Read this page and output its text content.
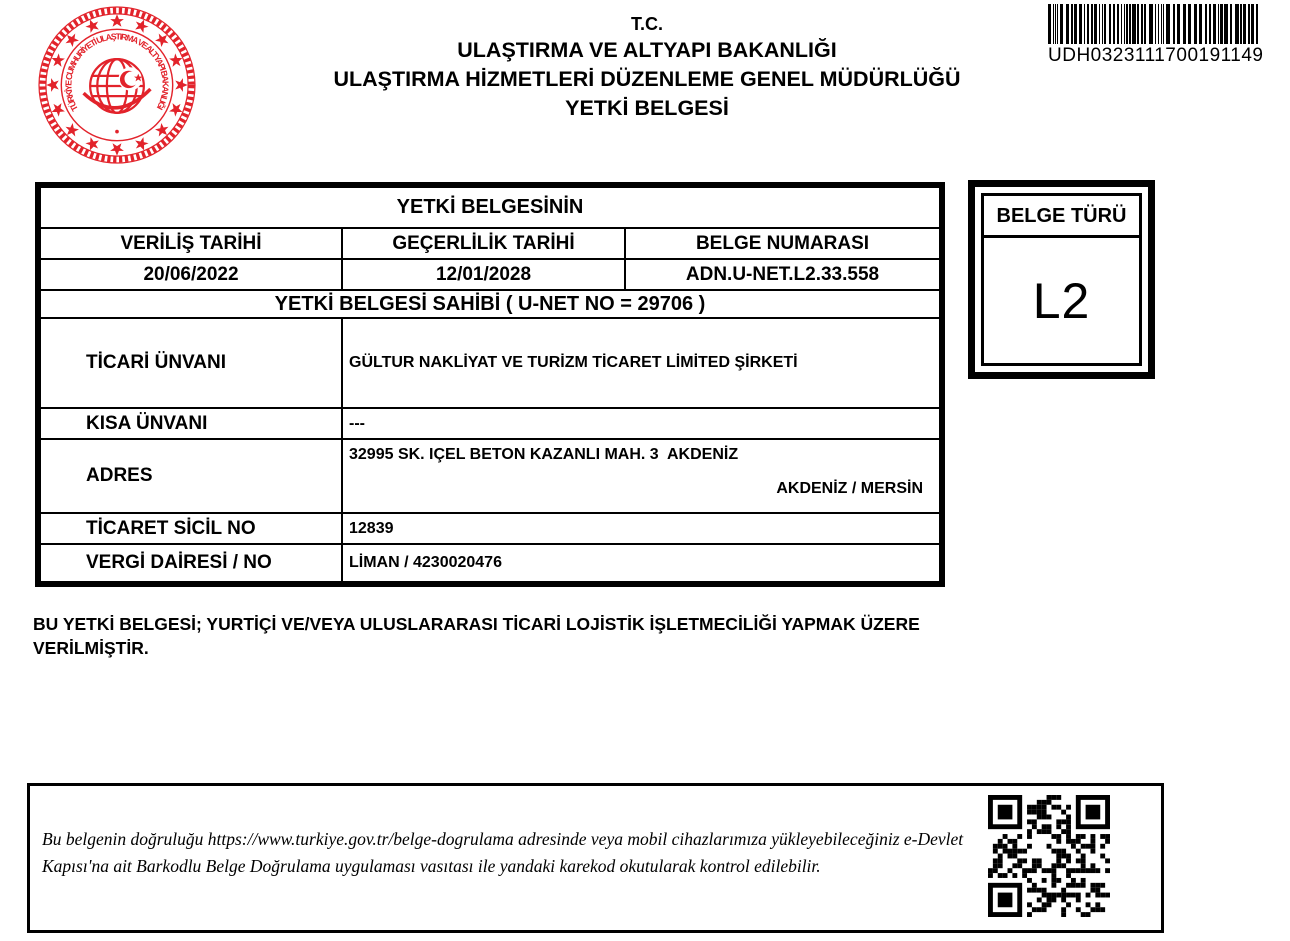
TÜRKİYE CUMHURİYETİ ULAŞTIRMA VE ALTYAPI BAKANLIĞI
T.C.
ULAŞTIRMA VE ALTYAPI BAKANLIĞI
ULAŞTIRMA HİZMETLERİ DÜZENLEME GENEL MÜDÜRLÜĞÜ
YETKİ BELGESİ
UDH0323111700191149
YETKİ BELGESİNİN
VERİLİŞ TARİHİ	GEÇERLİLİK TARİHİ	BELGE NUMARASI
20/06/2022	12/01/2028	ADN.U-NET.L2.33.558
YETKİ BELGESİ SAHİBİ ( U-NET NO = 29706 )
TİCARİ ÜNVANI	GÜLTUR NAKLİYAT VE TURİZM TİCARET LİMİTED ŞİRKETİ
KISA ÜNVANI	---
ADRES
32995 SK. IÇEL BETON KAZANLI MAH. 3  AKDENİZ
AKDENİZ / MERSİN
TİCARET SİCİL NO	12839
VERGİ DAİRESİ / NO	LİMAN / 4230020476
BELGE TÜRÜ
L2
BU YETKİ BELGESİ; YURTİÇİ VE/VEYA ULUSLARARASI TİCARİ LOJİSTİK İŞLETMECİLİĞİ YAPMAK ÜZERE
VERİLMİŞTİR.
Bu belgenin doğruluğu https://www.turkiye.gov.tr/belge-dogrulama adresinde veya mobil cihazlarımıza yükleyebileceğiniz e-Devlet
Kapısı'na ait Barkodlu Belge Doğrulama uygulaması vasıtası ile yandaki karekod okutularak kontrol edilebilir.
